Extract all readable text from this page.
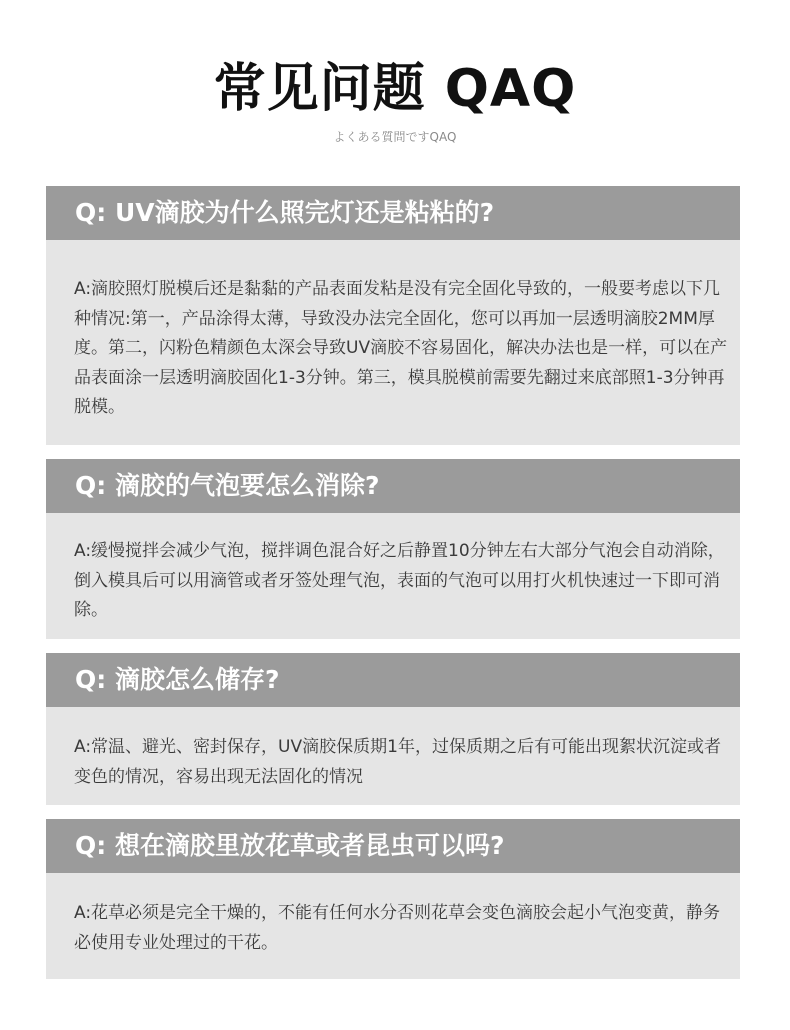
常见问题 QAQ
よくある質問ですQAQ
Q: UV滴胶为什么照完灯还是粘粘的?
A:滴胶照灯脱模后还是黏黏的产品表面发粘是没有完全固化导致的，一般要考虑以下几种情况:第一，产品涂得太薄，导致没办法完全固化，您可以再加一层透明滴胶2MM厚度。第二，闪粉色精颜色太深会导致UV滴胶不容易固化，解决办法也是一样，可以在产品表面涂一层透明滴胶固化1-3分钟。第三，模具脱模前需要先翻过来底部照1-3分钟再脱模。
Q: 滴胶的气泡要怎么消除?
A:缓慢搅拌会减少气泡，搅拌调色混合好之后静置10分钟左右大部分气泡会自动消除，倒入模具后可以用滴管或者牙签处理气泡，表面的气泡可以用打火机快速过一下即可消除。
Q: 滴胶怎么储存?
A:常温、避光、密封保存，UV滴胶保质期1年，过保质期之后有可能出现絮状沉淀或者变色的情况，容易出现无法固化的情况
Q: 想在滴胶里放花草或者昆虫可以吗?
A:花草必须是完全干燥的，不能有任何水分否则花草会变色滴胶会起小气泡变黄，静务必使用专业处理过的干花。
